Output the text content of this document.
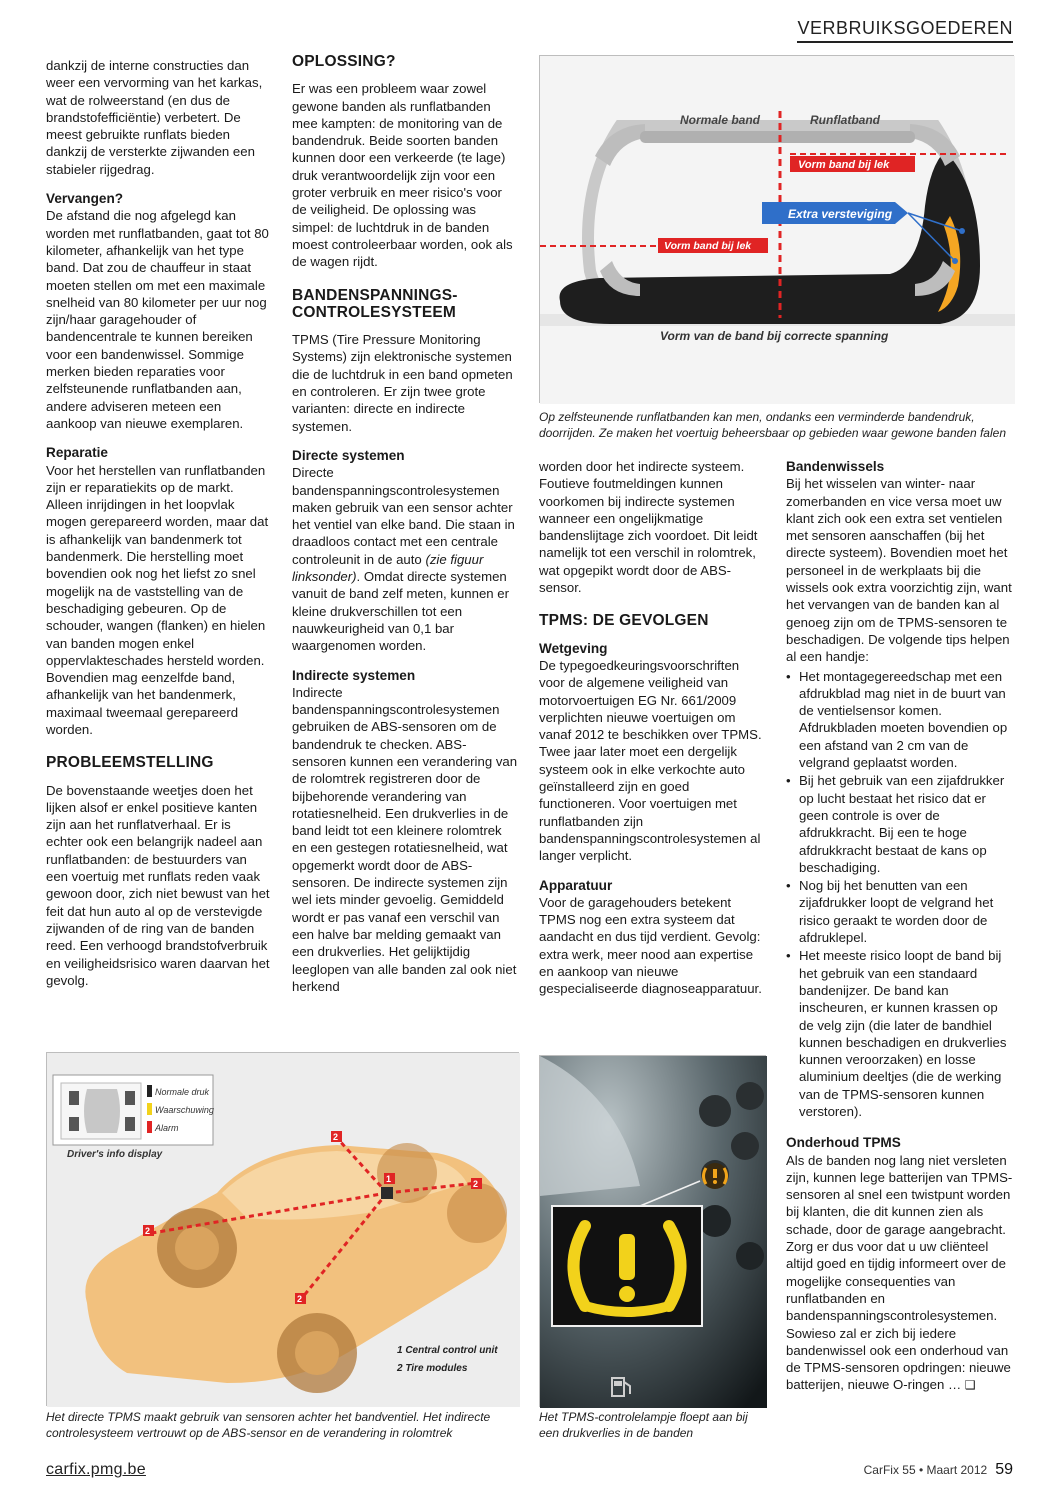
VERBRUIKSGOEDEREN

dankzij de interne constructies dan weer een vervorming van het karkas, wat de rolweerstand (en dus de brandstofefficiëntie) verbetert. De meest gebruikte runflats bieden dankzij de versterkte zijwanden een stabieler rijgedrag.

Vervangen?

De afstand die nog afgelegd kan worden met runflatbanden, gaat tot 80 kilometer, afhankelijk van het type band. Dat zou de chauffeur in staat moeten stellen om met een maximale snelheid van 80 kilometer per uur nog zijn/haar garagehouder of bandencentrale te kunnen bereiken voor een bandenwissel. Sommige merken bieden reparaties voor zelfsteunende runflatbanden aan, andere adviseren meteen een aankoop van nieuwe exemplaren.

Reparatie

Voor het herstellen van runflatbanden zijn er reparatiekits op de markt. Alleen inrijdingen in het loopvlak mogen gerepareerd worden, maar dat is afhankelijk van bandenmerk tot bandenmerk. Die herstelling moet bovendien ook nog het liefst zo snel mogelijk na de vaststelling van de beschadiging gebeuren. Op de schouder, wangen (flanken) en hielen van banden mogen enkel oppervlakteschades hersteld worden. Bovendien mag eenzelfde band, afhankelijk van het bandenmerk, maximaal tweemaal gerepareerd worden.

PROBLEEMSTELLING

De bovenstaande weetjes doen het lijken alsof er enkel positieve kanten zijn aan het runflatverhaal. Er is echter ook een belangrijk nadeel aan runflatbanden: de bestuurders van een voertuig met runflats reden vaak gewoon door, zich niet bewust van het feit dat hun auto al op de verstevigde zijwanden of de ring van de banden reed. Een verhoogd brandstofverbruik en veiligheidsrisico waren daarvan het gevolg.

OPLOSSING?

Er was een probleem waar zowel gewone banden als runflatbanden mee kampten: de monitoring van de bandendruk. Beide soorten banden kunnen door een verkeerde (te lage) druk verantwoordelijk zijn voor een groter verbruik en meer risico's voor de veiligheid. De oplossing was simpel: de luchtdruk in de banden moest controleerbaar worden, ook als de wagen rijdt.

BANDENSPANNINGS-CONTROLESYSTEEM

TPMS (Tire Pressure Monitoring Systems) zijn elektronische systemen die de luchtdruk in een band opmeten en controleren. Er zijn twee grote varianten: directe en indirecte systemen.

Directe systemen

Directe bandenspanningscontrolesystemen maken gebruik van een sensor achter het ventiel van elke band. Die staan in draadloos contact met een centrale controleunit in de auto (zie figuur linksonder). Omdat directe systemen vanuit de band zelf meten, kunnen er kleine drukverschillen tot een nauwkeurigheid van 0,1 bar waargenomen worden.

Indirecte systemen

Indirecte bandenspanningscontrolesystemen gebruiken de ABS-sensoren om de bandendruk te checken. ABS-sensoren kunnen een verandering van de rolomtrek registreren door de bijbehorende verandering van rotatiesnelheid. Een drukverlies in de band leidt tot een kleinere rolomtrek en een gestegen rotatiesnelheid, wat opgemerkt wordt door de ABS-sensoren. De indirecte systemen zijn wel iets minder gevoelig. Gemiddeld wordt er pas vanaf een verschil van een halve bar melding gemaakt van een drukverlies. Het gelijktijdig leeglopen van alle banden zal ook niet herkend

worden door het indirecte systeem. Foutieve foutmeldingen kunnen voorkomen bij indirecte systemen wanneer een ongelijkmatige bandenslijtage zich voordoet. Dit leidt namelijk tot een verschil in rolomtrek, wat opgepikt wordt door de ABS-sensor.

TPMS: DE GEVOLGEN
Wetgeving

De typegoedkeuringsvoorschriften voor de algemene veiligheid van motorvoertuigen EG Nr. 661/2009 verplichten nieuwe voertuigen om vanaf 2012 te beschikken over TPMS. Twee jaar later moet een dergelijk systeem ook in elke verkochte auto geïnstalleerd zijn en goed functioneren. Voor voertuigen met runflatbanden zijn bandenspanningscontrolesystemen al langer verplicht.

Apparatuur

Voor de garagehouders betekent TPMS nog een extra systeem dat aandacht en dus tijd verdient. Gevolg: extra werk, meer nood aan expertise en aankoop van nieuwe gespecialiseerde diagnoseapparatuur.

Bandenwissels

Bij het wisselen van winter- naar zomerbanden en vice versa moet uw klant zich ook een extra set ventielen met sensoren aanschaffen (bij het directe systeem). Bovendien moet het personeel in de werkplaats bij die wissels ook extra voorzichtig zijn, want het vervangen van de banden kan al genoeg zijn om de TPMS-sensoren te beschadigen. De volgende tips helpen al een handje:

• Het montagegereedschap met een afdrukblad mag niet in de buurt van de ventielsensor komen. Afdrukbladen moeten bovendien op een afstand van 2 cm van de velgrand geplaatst worden.
• Bij het gebruik van een zijafdrukker op lucht bestaat het risico dat er geen controle is over de afdrukkracht. Bij een te hoge afdrukkracht bestaat de kans op beschadiging.
• Nog bij het benutten van een zijafdrukker loopt de velgrand het risico geraakt te worden door de afdruklepel.
• Het meeste risico loopt de band bij het gebruik van een standaard bandenijzer. De band kan inscheuren, er kunnen krassen op de velg zijn (die later de bandhiel kunnen beschadigen en drukverlies kunnen veroorzaken) en losse aluminium deeltjes (die de werking van de TPMS-sensoren kunnen verstoren).
Onderhoud TPMS

Als de banden nog lang niet versleten zijn, kunnen lege batterijen van TPMS-sensoren al snel een twistpunt worden bij klanten, die dit kunnen zien als schade, door de garage aangebracht. Zorg er dus voor dat u uw cliënteel altijd goed en tijdig informeert over de mogelijke consequenties van runflatbanden en bandenspanningscontrolesystemen. Sowieso zal er zich bij iedere bandenwissel ook een onderhoud van de TPMS-sensoren opdringen: nieuwe batterijen, nieuwe O-ringen … ❑

Normale band	Runflatband
Vorm band bij lek
Extra versteviging
Vorm band bij lek
Vorm van de band bij correcte spanning
Op zelfsteunende runflatbanden kan men, ondanks een verminderde bandendruk, doorrijden. Ze maken het voertuig beheersbaar op gebieden waar gewone banden falen
Normale druk
Waarschuwing
Alarm
Driver's info display
1
2
2
2
2
1 Central control unit
2 Tire modules
Het directe TPMS maakt gebruik van sensoren achter het bandventiel. Het indirecte controlesysteem vertrouwt op de ABS-sensor en de verandering in rolomtrek
Het TPMS-controlelampje floept aan bij een drukverlies in de banden
carfix.pmg.be	CarFix 55 • Maart 2012 59
